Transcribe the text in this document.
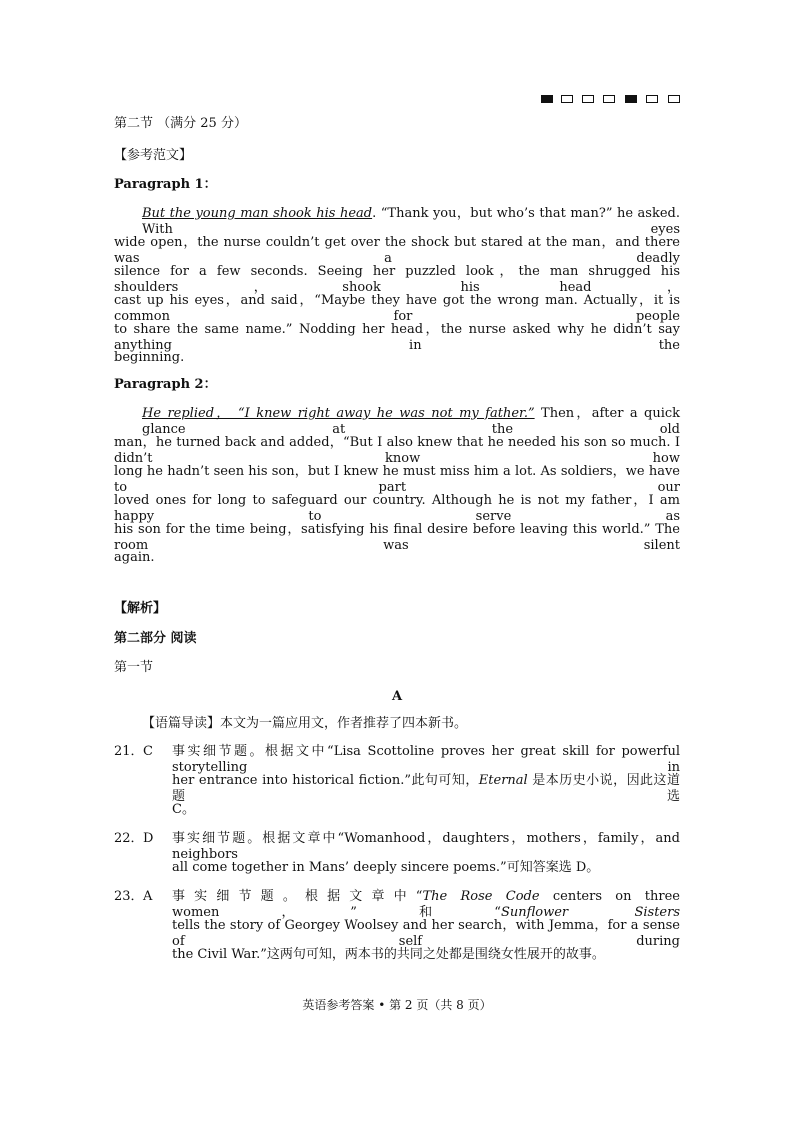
第二节 （满分 25 分）
【参考范文】
Paragraph 1：
But the young man shook his head. “Thank you，but who’s that man?” he asked. With eyes
wide open，the nurse couldn’t get over the shock but stared at the man，and there was a deadly
silence for a few seconds. Seeing her puzzled look，the man shrugged his shoulders，shook his head，
cast up his eyes，and said，“Maybe they have got the wrong man. Actually，it is common for people
to share the same name.” Nodding her head，the nurse asked why he didn’t say anything in the
beginning.
Paragraph 2：
He replied， “I knew right away he was not my father.” Then，after a quick glance at the old
man，he turned back and added，“But I also knew that he needed his son so much. I didn’t know how
long he hadn’t seen his son，but I knew he must miss him a lot. As soldiers，we have to part our
loved ones for long to safeguard our country. Although he is not my father，I am happy to serve as
his son for the time being，satisfying his final desire before leaving this world.” The room was silent
again.
【解析】
第二部分 阅读
第一节
A
【语篇导读】本文为一篇应用文，作者推荐了四本新书。
21． C 事实细节题。根据文中“Lisa Scottoline proves her great skill for powerful storytelling in
her entrance into historical fiction.”此句可知，Eternal 是本历史小说，因此这道题选
C。
22． D 事实细节题。根据文章中“Womanhood，daughters，mothers，family，and neighbors
all come together in Mans’ deeply sincere poems.”可知答案选 D。
23． A 事实细节题。根据文章中“The Rose Code centers on three women，”和“Sunflower Sisters
tells the story of Georgey Woolsey and her search，with Jemma，for a sense of self during
the Civil War.”这两句可知，两本书的共同之处都是围绕女性展开的故事。
英语参考答案 • 第 2 页（共 8 页）
